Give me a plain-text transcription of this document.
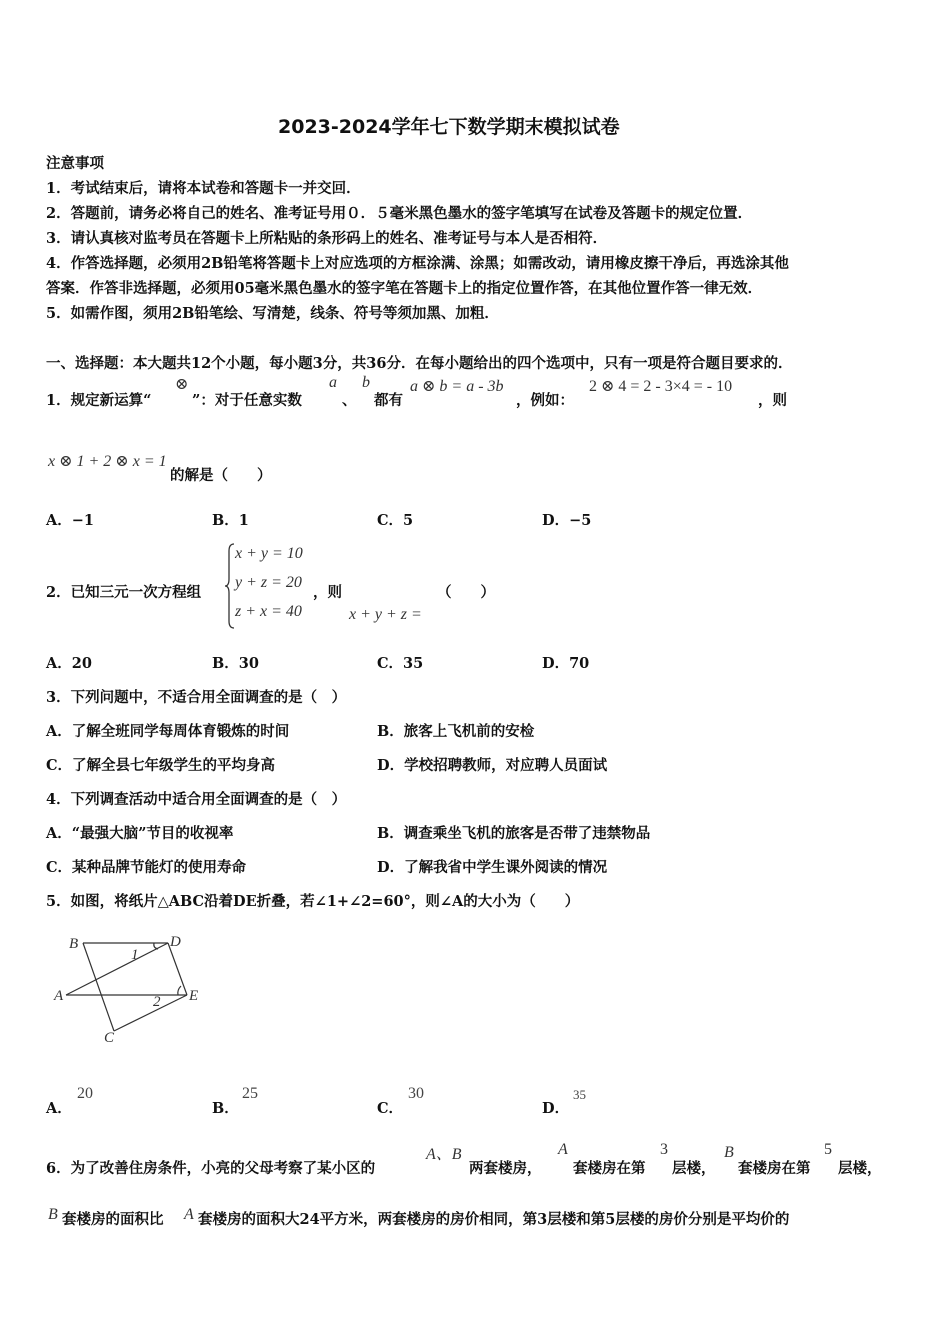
2023-2024学年七下数学期末模拟试卷
注意事项
1．考试结束后，请将本试卷和答题卡一并交回．
2．答题前，请务必将自己的姓名、准考证号用０．５毫米黑色墨水的签字笔填写在试卷及答题卡的规定位置．
3．请认真核对监考员在答题卡上所粘贴的条形码上的姓名、准考证号与本人是否相符．
4．作答选择题，必须用2B铅笔将答题卡上对应选项的方框涂满、涂黑；如需改动，请用橡皮擦干净后，再选涂其他
答案．作答非选择题，必须用05毫米黑色墨水的签字笔在答题卡上的指定位置作答，在其他位置作答一律无效．
5．如需作图，须用2B铅笔绘、写清楚，线条、符号等须加黑、加粗．
一、选择题：本大题共12个小题，每小题3分，共36分．在每小题给出的四个选项中，只有一项是符合题目要求的．
1．规定新运算“
⊗
”：对于任意实数
a
、
b
都有
a ⊗ b = a - 3b
，例如：
2 ⊗ 4 = 2 - 3×4 = - 10
，则
x ⊗ 1 + 2 ⊗ x = 1
的解是（　　）
A．−1	B．1	C．5	D．−5
2．已知三元一次方程组
x + y = 10
y + z = 20
z + x = 40
，则	（　　）
x + y + z =
A．20	B．30	C．35	D．70
3．下列问题中，不适合用全面调查的是（　）
A．了解全班同学每周体育锻炼的时间	B．旅客上飞机前的安检
C．了解全县七年级学生的平均身高	D．学校招聘教师，对应聘人员面试
4．下列调查活动中适合用全面调查的是（　）
A．“最强大脑”节目的收视率	B．调查乘坐飞机的旅客是否带了违禁物品
C．某种品牌节能灯的使用寿命	D．了解我省中学生课外阅读的情况
5．如图，将纸片△ABC沿着DE折叠，若∠1+∠2=60°，则∠A的大小为（　　）
B	D
A	E
C
1
2
A．
20
B．
25
C．
30
D．
35
6．为了改善住房条件，小亮的父母考察了某小区的
A、B
两套楼房，
A
套楼房在第
3
层楼，
B
套楼房在第
5
层楼，
B 套楼房的面积比 A 套楼房的面积大24平方米，两套楼房的房价相同，第3层楼和第5层楼的房价分别是平均价的
